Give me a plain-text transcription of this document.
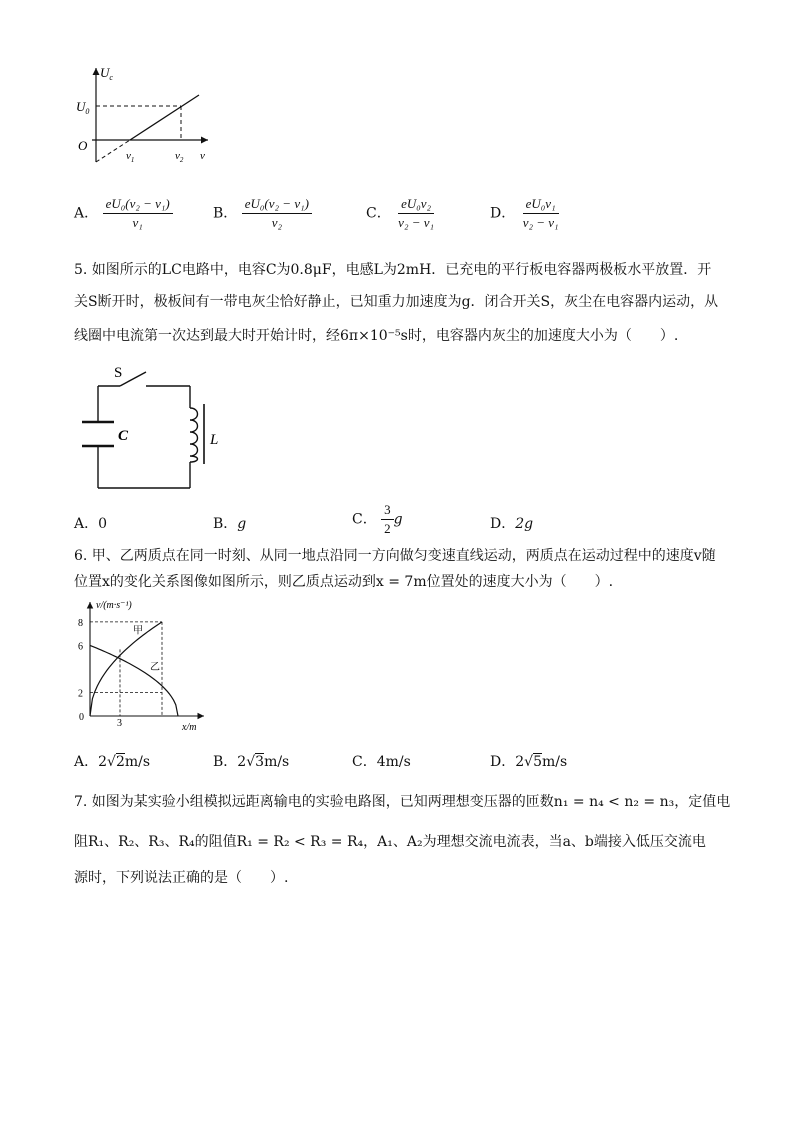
$U_c$
$U_0$
O
$v_1$	$v_2$ v
A． $\frac{\text{eU₀(v₂ − v₁)}}{\text{v₁}}$	B． $\frac{\text{eU₀(v₂ − v₁)}}{\text{v₂}}$	C． $\frac{\text{eU₀v₂}}{\text{v₂ − v₁}}$	D． $\frac{\text{eU₀v₁}}{\text{v₂ − v₁}}$
5. 如图所示的LC电路中，电容C为0.8μF，电感L为2mH．已充电的平行板电容器两极板水平放置．开
关S断开时，极板间有一带电灰尘恰好静止，已知重力加速度为g．闭合开关S，灰尘在电容器内运动，从
线圈中电流第一次达到最大时开始计时，经6π×10⁻⁵s时，电容器内灰尘的加速度大小为（　　）.
S
C	L
A．0	B．g	C． $\frac{3}{2}$ g	D．2g
6. 甲、乙两质点在同一时刻、从同一地点沿同一方向做匀变速直线运动，两质点在运动过程中的速度v随
位置x的变化关系图像如图所示，则乙质点运动到x = 7m位置处的速度大小为（　　）.
2
6
8
3
甲
乙
v/(m·s⁻¹)
x/m
0
A．2√2m/s	B．2√3m/s	C．4m/s	D．2√5m/s
7. 如图为某实验小组模拟远距离输电的实验电路图，已知两理想变压器的匝数n₁ = n₄ < n₂ = n₃，定值电
阻R₁、R₂、R₃、R₄的阻值R₁ = R₂ < R₃ = R₄，A₁、A₂为理想交流电流表，当a、b端接入低压交流电
源时，下列说法正确的是（　　）.
